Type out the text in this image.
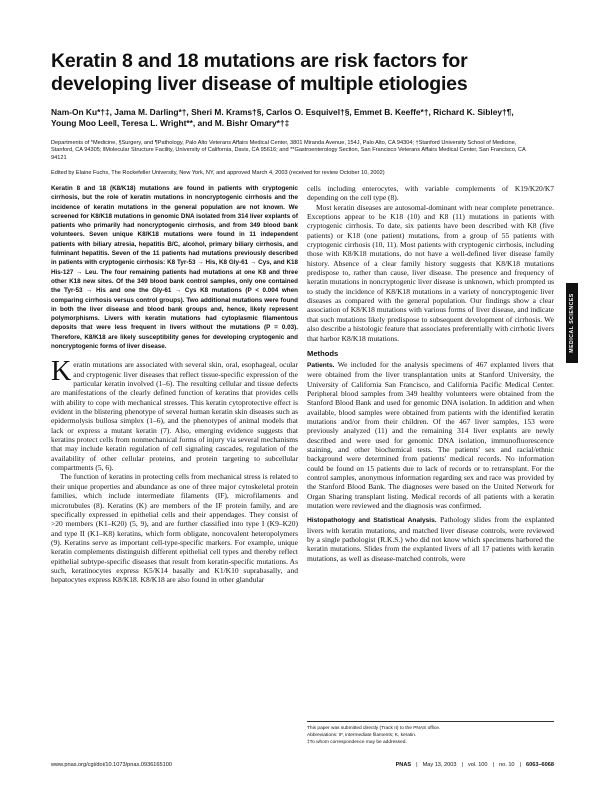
Keratin 8 and 18 mutations are risk factors for developing liver disease of multiple etiologies
Nam-On Ku*†‡, Jama M. Darling*†, Sheri M. Krams†§, Carlos O. Esquivel†§, Emmet B. Keeffe*†, Richard K. Sibley†¶, Young Moo Lee‖, Teresa L. Wright**, and M. Bishr Omary*†‡
Departments of *Medicine, §Surgery, and ¶Pathology, Palo Alto Veterans Affairs Medical Center, 3801 Miranda Avenue, 154J, Palo Alto, CA 94304; †Stanford University School of Medicine, Stanford, CA 94305; ‖Molecular Structure Facility, University of California, Davis, CA 95616; and **Gastroenterology Section, San Francisco Veterans Affairs Medical Center, San Francisco, CA 94121
Edited by Elaine Fuchs, The Rockefeller University, New York, NY, and approved March 4, 2003 (received for review October 10, 2002)

Keratin 8 and 18 (K8/K18) mutations are found in patients with cryptogenic cirrhosis, but the role of keratin mutations in noncryptogenic cirrhosis and the incidence of keratin mutations in the general population are not known. We screened for K8/K18 mutations in genomic DNA isolated from 314 liver explants of patients who primarily had noncryptogenic cirrhosis, and from 349 blood bank volunteers. Seven unique K8/K18 mutations were found in 11 independent patients with biliary atresia, hepatitis B/C, alcohol, primary biliary cirrhosis, and fulminant hepatitis. Seven of the 11 patients had mutations previously described in patients with cryptogenic cirrhosis: K8 Tyr-53 → His, K8 Gly-61 → Cys, and K18 His-127 → Leu. The four remaining patients had mutations at one K8 and three other K18 new sites. Of the 349 blood bank control samples, only one contained the Tyr-53 → His and one the Gly-61 → Cys K8 mutations (P < 0.004 when comparing cirrhosis versus control groups). Two additional mutations were found in both the liver disease and blood bank groups and, hence, likely represent polymorphisms. Livers with keratin mutations had cytoplasmic filamentous deposits that were less frequent in livers without the mutations (P = 0.03). Therefore, K8/K18 are likely susceptibility genes for developing cryptogenic and noncryptogenic forms of liver disease.

Keratin mutations are associated with several skin, oral, esophageal, ocular and cryptogenic liver diseases that reflect tissue-specific expression of the particular keratin involved (1–6). The resulting cellular and tissue defects are manifestations of the clearly defined function of keratins that provides cells with ability to cope with mechanical stresses. This keratin cytoprotective effect is evident in the blistering phenotype of several human keratin skin diseases such as epidermolysis bullosa simplex (1–6), and the phenotypes of animal models that lack or express a mutant keratin (7). Also, emerging evidence suggests that keratins protect cells from nonmechanical forms of injury via several mechanisms that may include keratin regulation of cell signaling cascades, regulation of the availability of other cellular proteins, and protein targeting to subcellular compartments (5, 6).

The function of keratins in protecting cells from mechanical stress is related to their unique properties and abundance as one of three major cytoskeletal protein families, which include intermediate filaments (IF), microfilaments and microtubules (8). Keratins (K) are members of the IF protein family, and are specifically expressed in epithelial cells and their appendages. They consist of >20 members (K1–K20) (5, 9), and are further classified into type I (K9–K20) and type II (K1–K8) keratins, which form obligate, noncovalent heteropolymers (9). Keratins serve as important cell-type-specific markers. For example, unique keratin complements distinguish different epithelial cell types and thereby reflect epithelial subtype-specific diseases that result from keratin-specific mutations. As such, keratinocytes express K5/K14 basally and K1/K10 suprabasally, and hepatocytes express K8/K18. K8/K18 are also found in other glandular

cells including enterocytes, with variable complements of K19/K20/K7 depending on the cell type (8).

Most keratin diseases are autosomal-dominant with near complete penetrance. Exceptions appear to be K18 (10) and K8 (11) mutations in patients with cryptogenic cirrhosis. To date, six patients have been described with K8 (five patients) or K18 (one patient) mutations, from a group of 55 patients with cryptogenic cirrhosis (10, 11). Most patients with cryptogenic cirrhosis, including those with K8/K18 mutations, do not have a well-defined liver disease family history. Absence of a clear family history suggests that K8/K18 mutations predispose to, rather than cause, liver disease. The presence and frequency of keratin mutations in noncryptogenic liver disease is unknown, which prompted us to study the incidence of K8/K18 mutations in a variety of noncryptogenic liver diseases as compared with the general population. Our findings show a clear association of K8/K18 mutations with various forms of liver disease, and indicate that such mutations likely predispose to subsequent development of cirrhosis. We also describe a histologic feature that associates preferentially with cirrhotic livers that harbor K8/K18 mutations.

Methods

Patients. We included for the analysis specimens of 467 explanted livers that were obtained from the liver transplantation units at Stanford University, the University of California San Francisco, and California Pacific Medical Center. Peripheral blood samples from 349 healthy volunteers were obtained from the Stanford Blood Bank and used for genomic DNA isolation. In addition and when available, blood samples were obtained from patients with the identified keratin mutations and/or from their children. Of the 467 liver samples, 153 were previously analyzed (11) and the remaining 314 liver explants are newly described and were used for genomic DNA isolation, immunofluorescence staining, and other biochemical tests. The patients' sex and racial/ethnic background were determined from patients' medical records. No information could be found on 15 patients due to lack of records or to retransplant. For the control samples, anonymous information regarding sex and race was provided by the Stanford Blood Bank. The diagnoses were based on the United Network for Organ Sharing transplant listing. Medical records of all patients with a keratin mutation were reviewed and the diagnosis was confirmed.

Histopathology and Statistical Analysis. Pathology slides from the explanted livers with keratin mutations, and matched liver disease controls, were reviewed by a single pathologist (R.K.S.) who did not know which specimens harbored the keratin mutations. Slides from the explanted livers of all 17 patients with keratin mutations, as well as disease-matched controls, were

This paper was submitted directly (Track II) to the PNAS office.
Abbreviations: IF, intermediate filaments; K, keratin.
‡To whom correspondence may be addressed.
MEDICAL SCIENCES
www.pnas.org/cgi/doi/10.1073/pnas.0936165100	PNAS | May 13, 2003 | vol. 100 | no. 10 | 6063–6068
